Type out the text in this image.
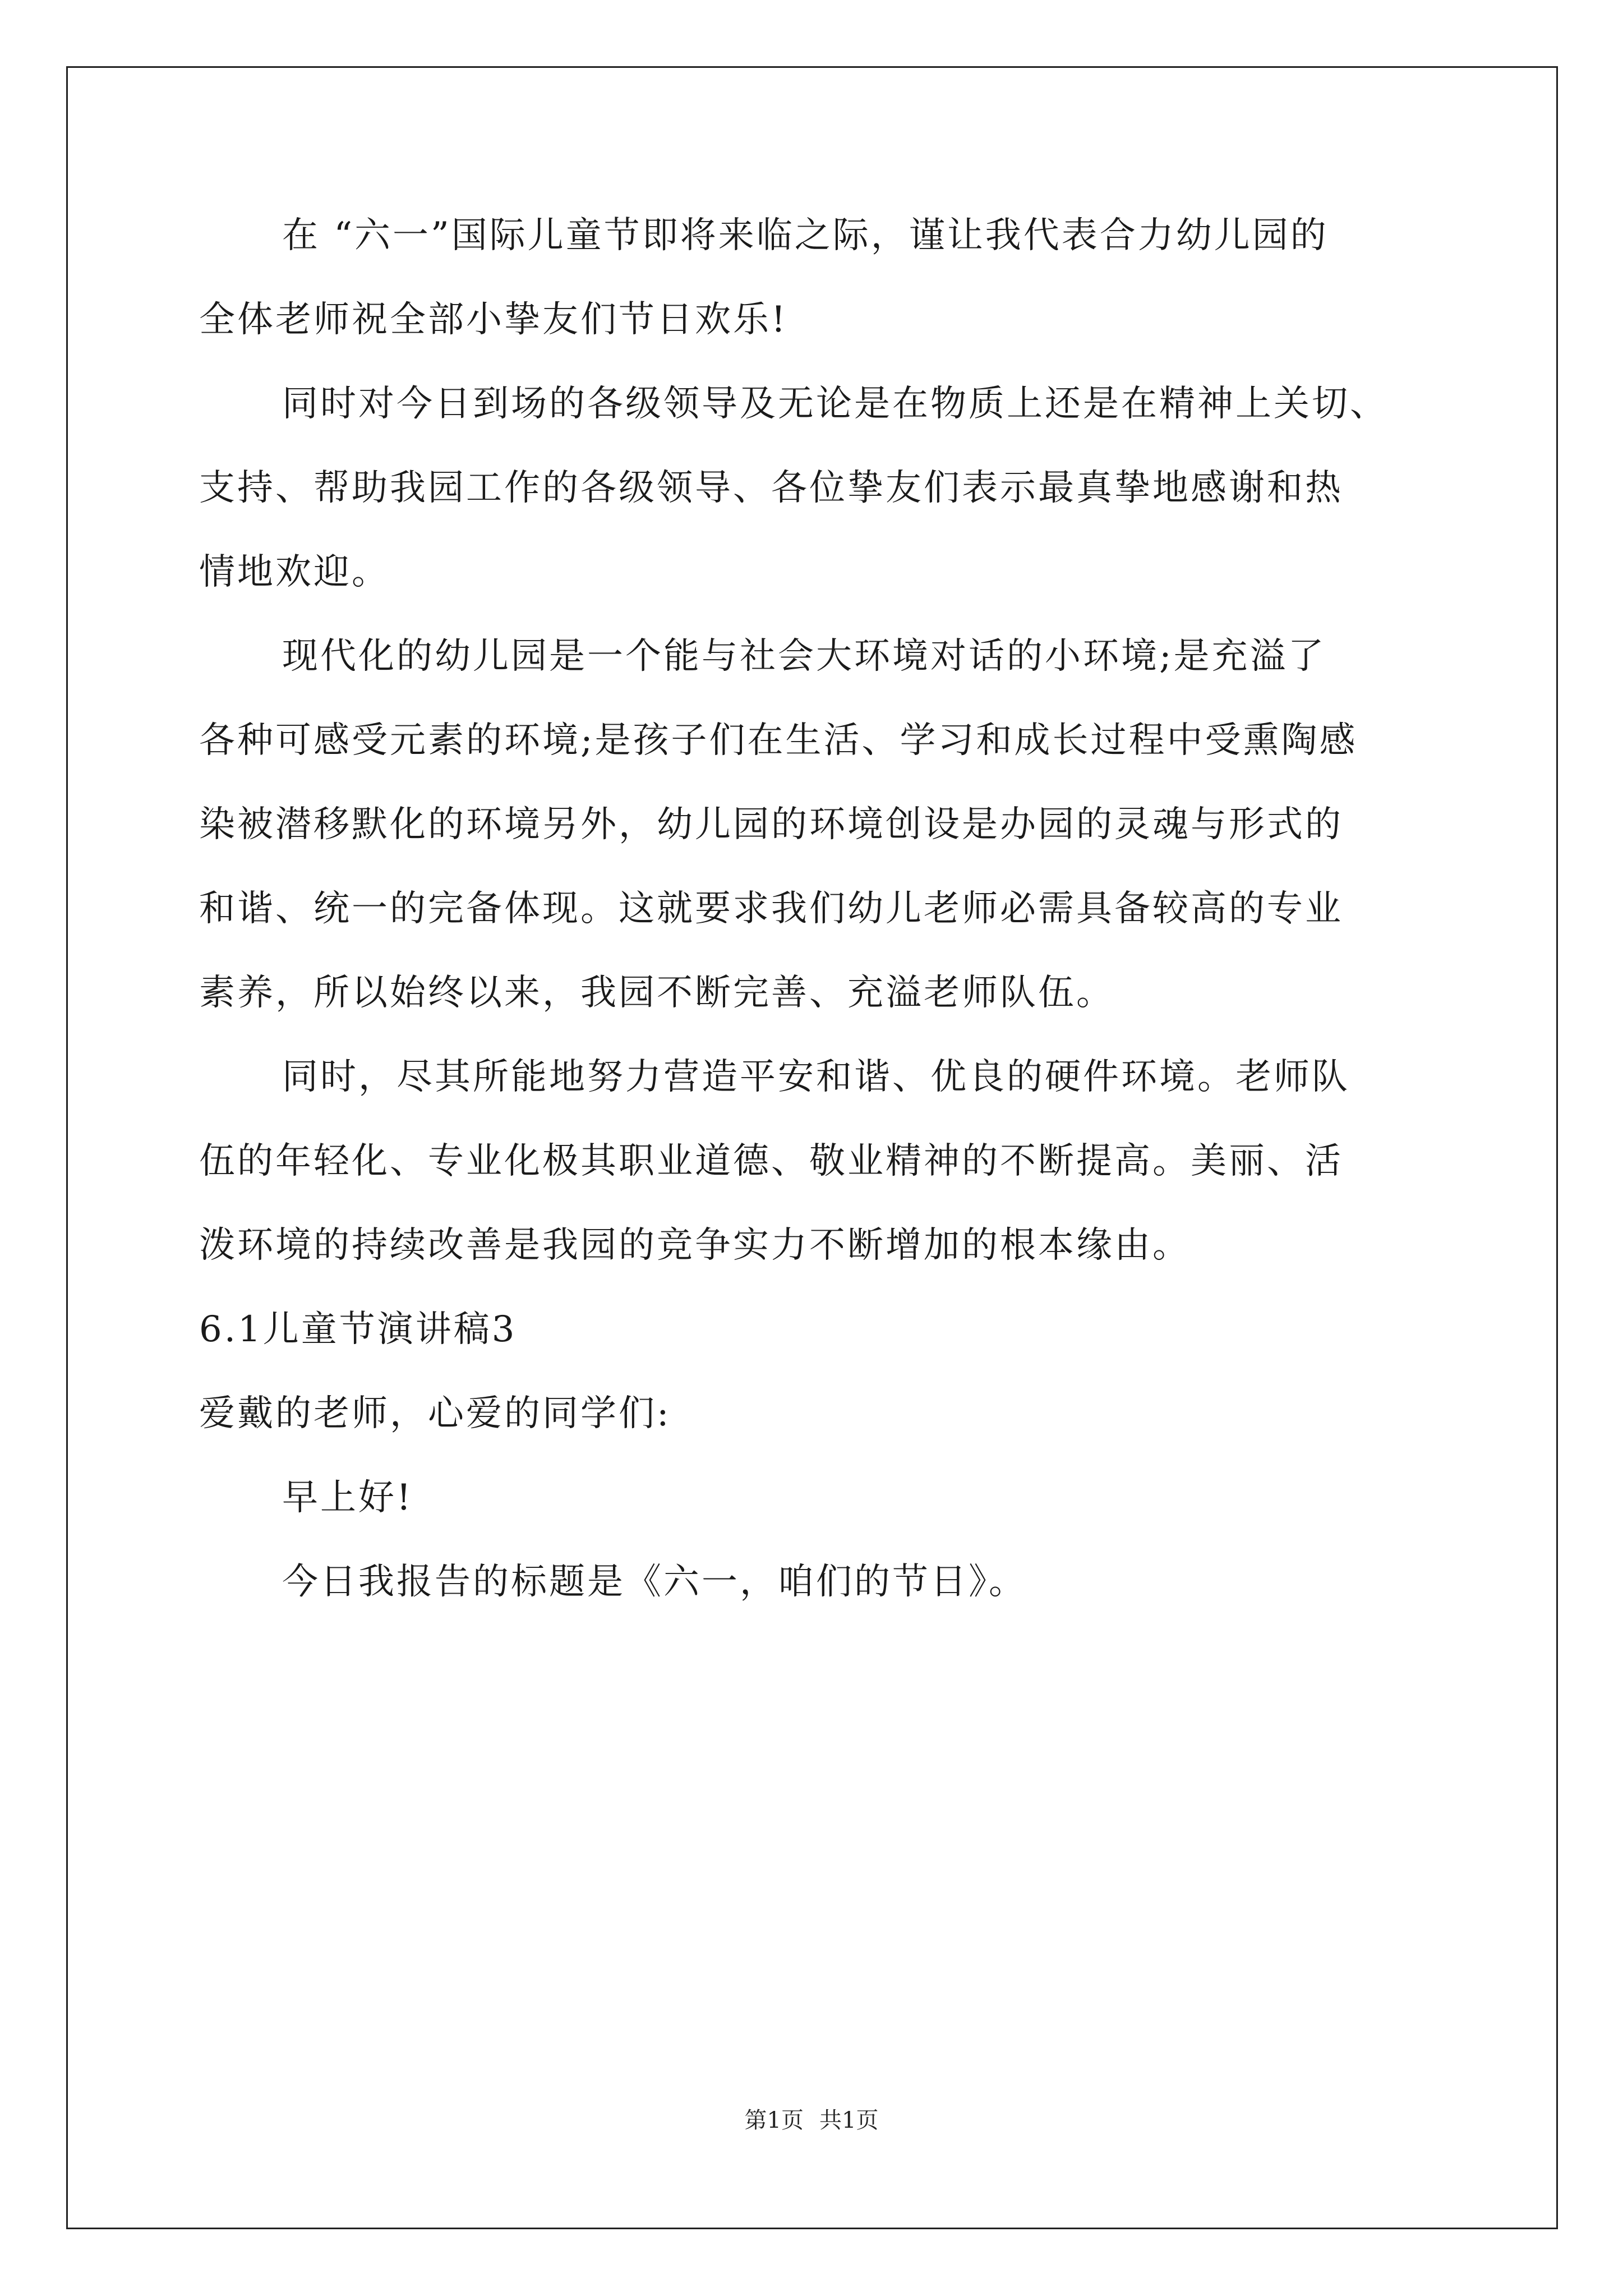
在 “六一”国际儿童节即将来临之际，谨让我代表合力幼儿园的
全体老师祝全部小挚友们节日欢乐!
同时对今日到场的各级领导及无论是在物质上还是在精神上关切、
支持、帮助我园工作的各级领导、各位挚友们表示最真挚地感谢和热
情地欢迎。
现代化的幼儿园是一个能与社会大环境对话的小环境;是充溢了
各种可感受元素的环境;是孩子们在生活、学习和成长过程中受熏陶感
染被潜移默化的环境另外，幼儿园的环境创设是办园的灵魂与形式的
和谐、统一的完备体现。这就要求我们幼儿老师必需具备较高的专业
素养，所以始终以来，我园不断完善、充溢老师队伍。
同时，尽其所能地努力营造平安和谐、优良的硬件环境。老师队
伍的年轻化、专业化极其职业道德、敬业精神的不断提高。美丽、活
泼环境的持续改善是我园的竞争实力不断增加的根本缘由。
6.1儿童节演讲稿3
爱戴的老师，心爱的同学们:
早上好!
今日我报告的标题是《六一，咱们的节日》。
第1页 共1页
